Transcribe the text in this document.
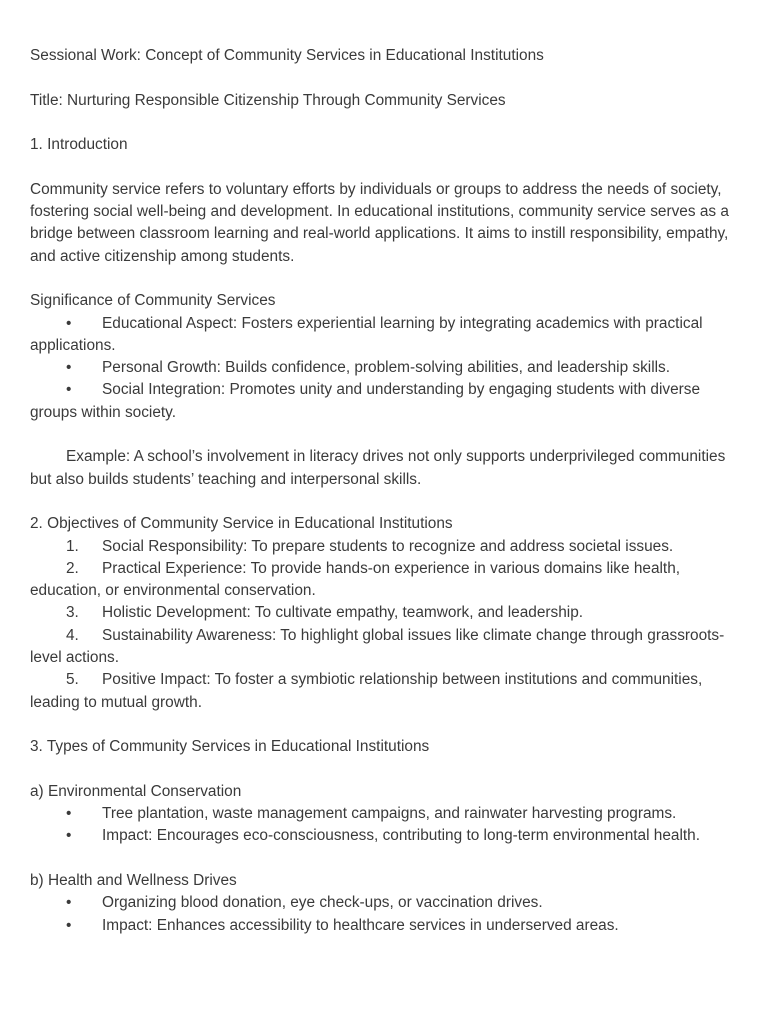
Sessional Work: Concept of Community Services in Educational Institutions

Title: Nurturing Responsible Citizenship Through Community Services

1. Introduction

Community service refers to voluntary efforts by individuals or groups to address the needs of society, fostering social well-being and development. In educational institutions, community service serves as a bridge between classroom learning and real-world applications. It aims to instill responsibility, empathy, and active citizenship among students.

Significance of Community Services

• Educational Aspect: Fosters experiential learning by integrating academics with practical applications.

• Personal Growth: Builds confidence, problem-solving abilities, and leadership skills.

• Social Integration: Promotes unity and understanding by engaging students with diverse groups within society.

Example: A school’s involvement in literacy drives not only supports underprivileged communities but also builds students’ teaching and interpersonal skills.

2. Objectives of Community Service in Educational Institutions

1. Social Responsibility: To prepare students to recognize and address societal issues.

2. Practical Experience: To provide hands-on experience in various domains like health, education, or environmental conservation.

3. Holistic Development: To cultivate empathy, teamwork, and leadership.

4. Sustainability Awareness: To highlight global issues like climate change through grassroots-level actions.

5. Positive Impact: To foster a symbiotic relationship between institutions and communities, leading to mutual growth.

3. Types of Community Services in Educational Institutions

a) Environmental Conservation

• Tree plantation, waste management campaigns, and rainwater harvesting programs.

• Impact: Encourages eco-consciousness, contributing to long-term environmental health.

b) Health and Wellness Drives

• Organizing blood donation, eye check-ups, or vaccination drives.

• Impact: Enhances accessibility to healthcare services in underserved areas.
